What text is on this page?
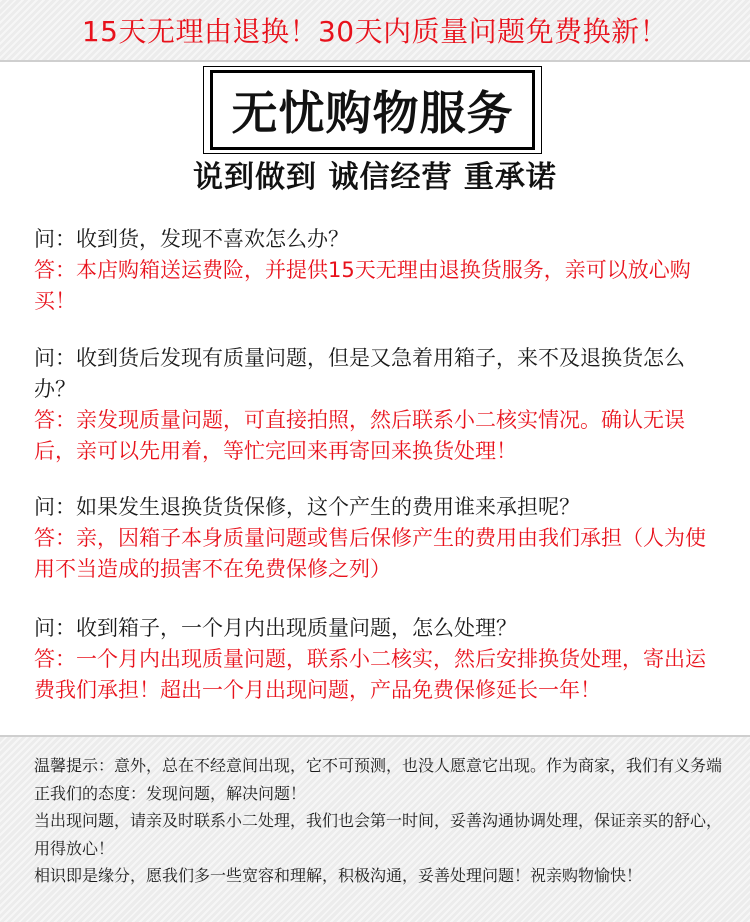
15天无理由退换！30天内质量问题免费换新！
无忧购物服务
说到做到 诚信经营 重承诺
问：收到货，发现不喜欢怎么办？
答：本店购箱送运费险，并提供15天无理由退换货服务，亲可以放心购买！
问：收到货后发现有质量问题，但是又急着用箱子，来不及退换货怎么办？
答：亲发现质量问题，可直接拍照，然后联系小二核实情况。确认无误后，亲可以先用着，等忙完回来再寄回来换货处理！
问：如果发生退换货货保修，这个产生的费用谁来承担呢？
答：亲，因箱子本身质量问题或售后保修产生的费用由我们承担（人为使用不当造成的损害不在免费保修之列）
问：收到箱子，一个月内出现质量问题，怎么处理？
答：一个月内出现质量问题，联系小二核实，然后安排换货处理，寄出运费我们承担！超出一个月出现问题，产品免费保修延长一年！
温馨提示：意外，总在不经意间出现，它不可预测，也没人愿意它出现。作为商家，我们有义务端正我们的态度：发现问题，解决问题！
当出现问题，请亲及时联系小二处理，我们也会第一时间，妥善沟通协调处理，保证亲买的舒心，用得放心！
相识即是缘分，愿我们多一些宽容和理解，积极沟通，妥善处理问题！祝亲购物愉快！
